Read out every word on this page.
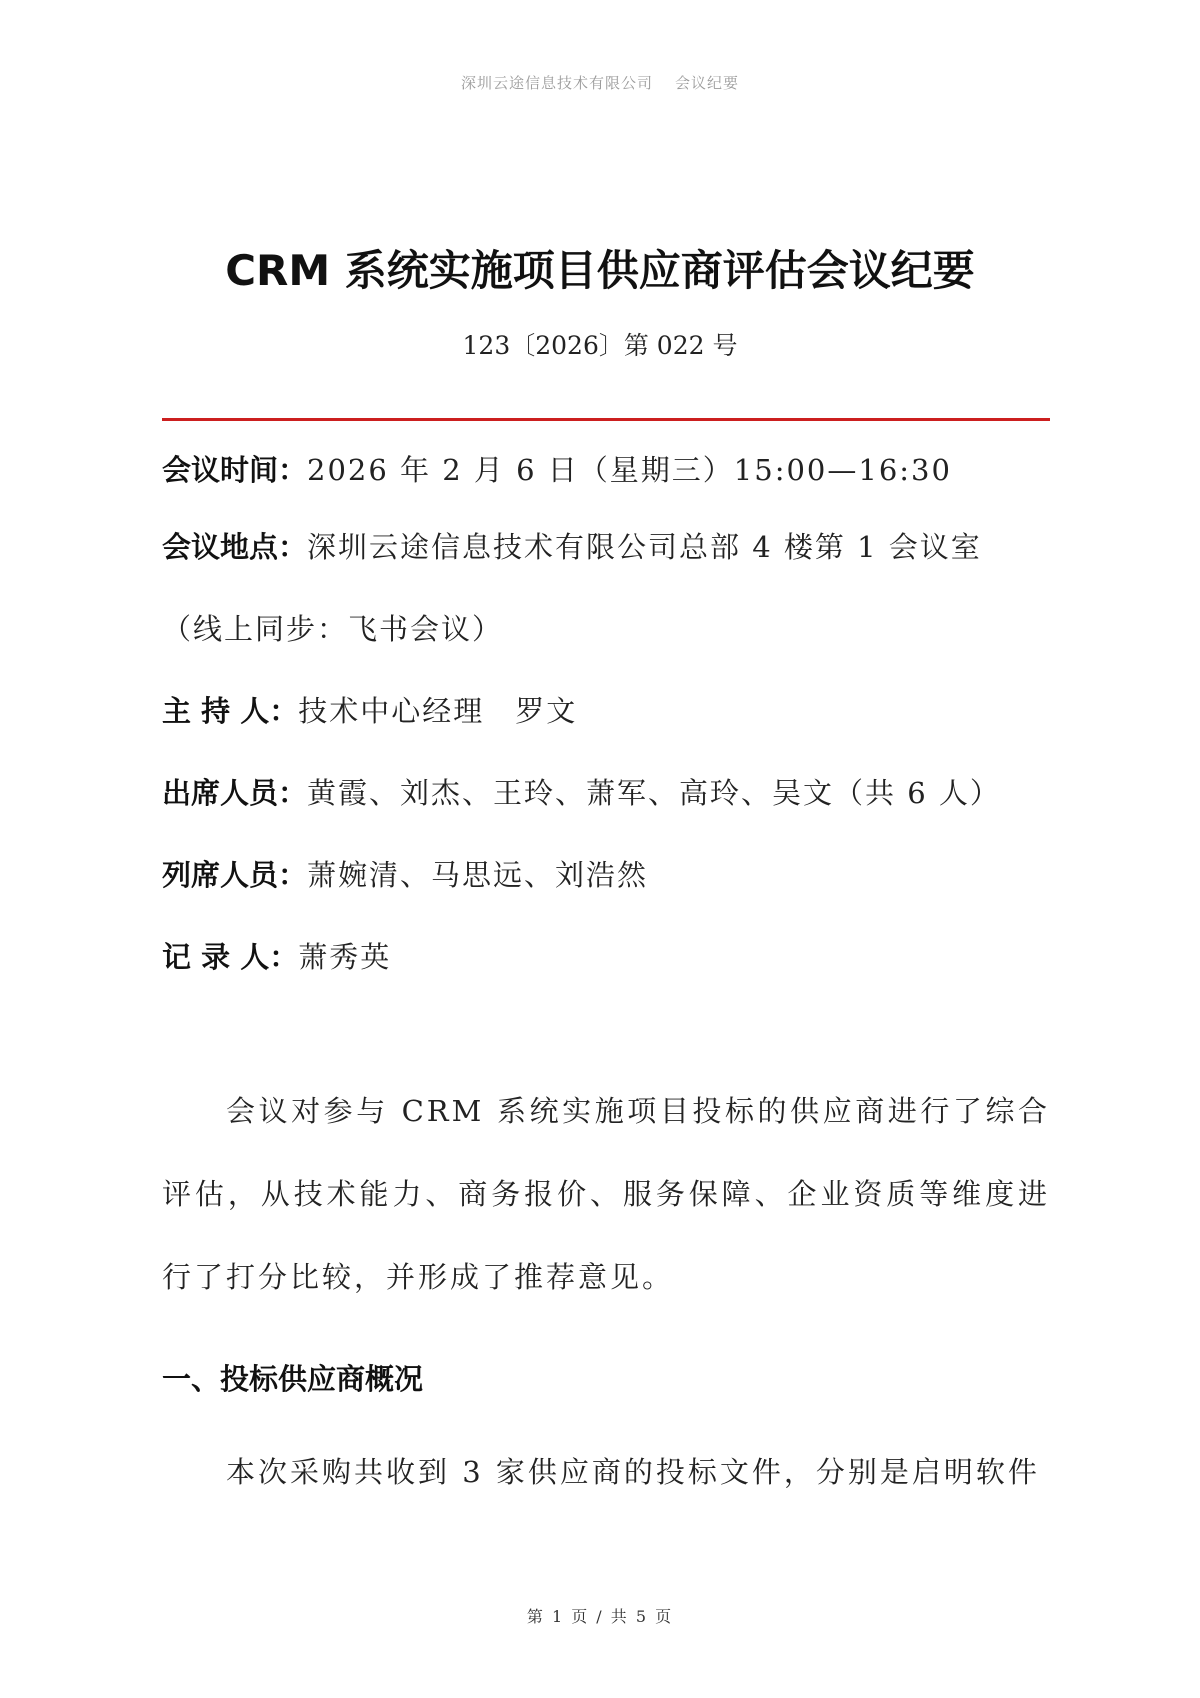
深圳云途信息技术有限公司 会议纪要
CRM 系统实施项目供应商评估会议纪要
123〔2026〕第 022 号
会议时间：2026 年 2 月 6 日（星期三）15:00—16:30
会议地点：深圳云途信息技术有限公司总部 4 楼第 1 会议室
（线上同步：飞书会议）
主 持 人：技术中心经理　罗文
出席人员：黄霞、刘杰、王玲、萧军、高玲、吴文（共 6 人）
列席人员：萧婉清、马思远、刘浩然
记 录 人：萧秀英
会议对参与 CRM 系统实施项目投标的供应商进行了综合评估，从技术能力、商务报价、服务保障、企业资质等维度进行了打分比较，并形成了推荐意见。
一、投标供应商概况
本次采购共收到 3 家供应商的投标文件，分别是启明软件
第 1 页 / 共 5 页
